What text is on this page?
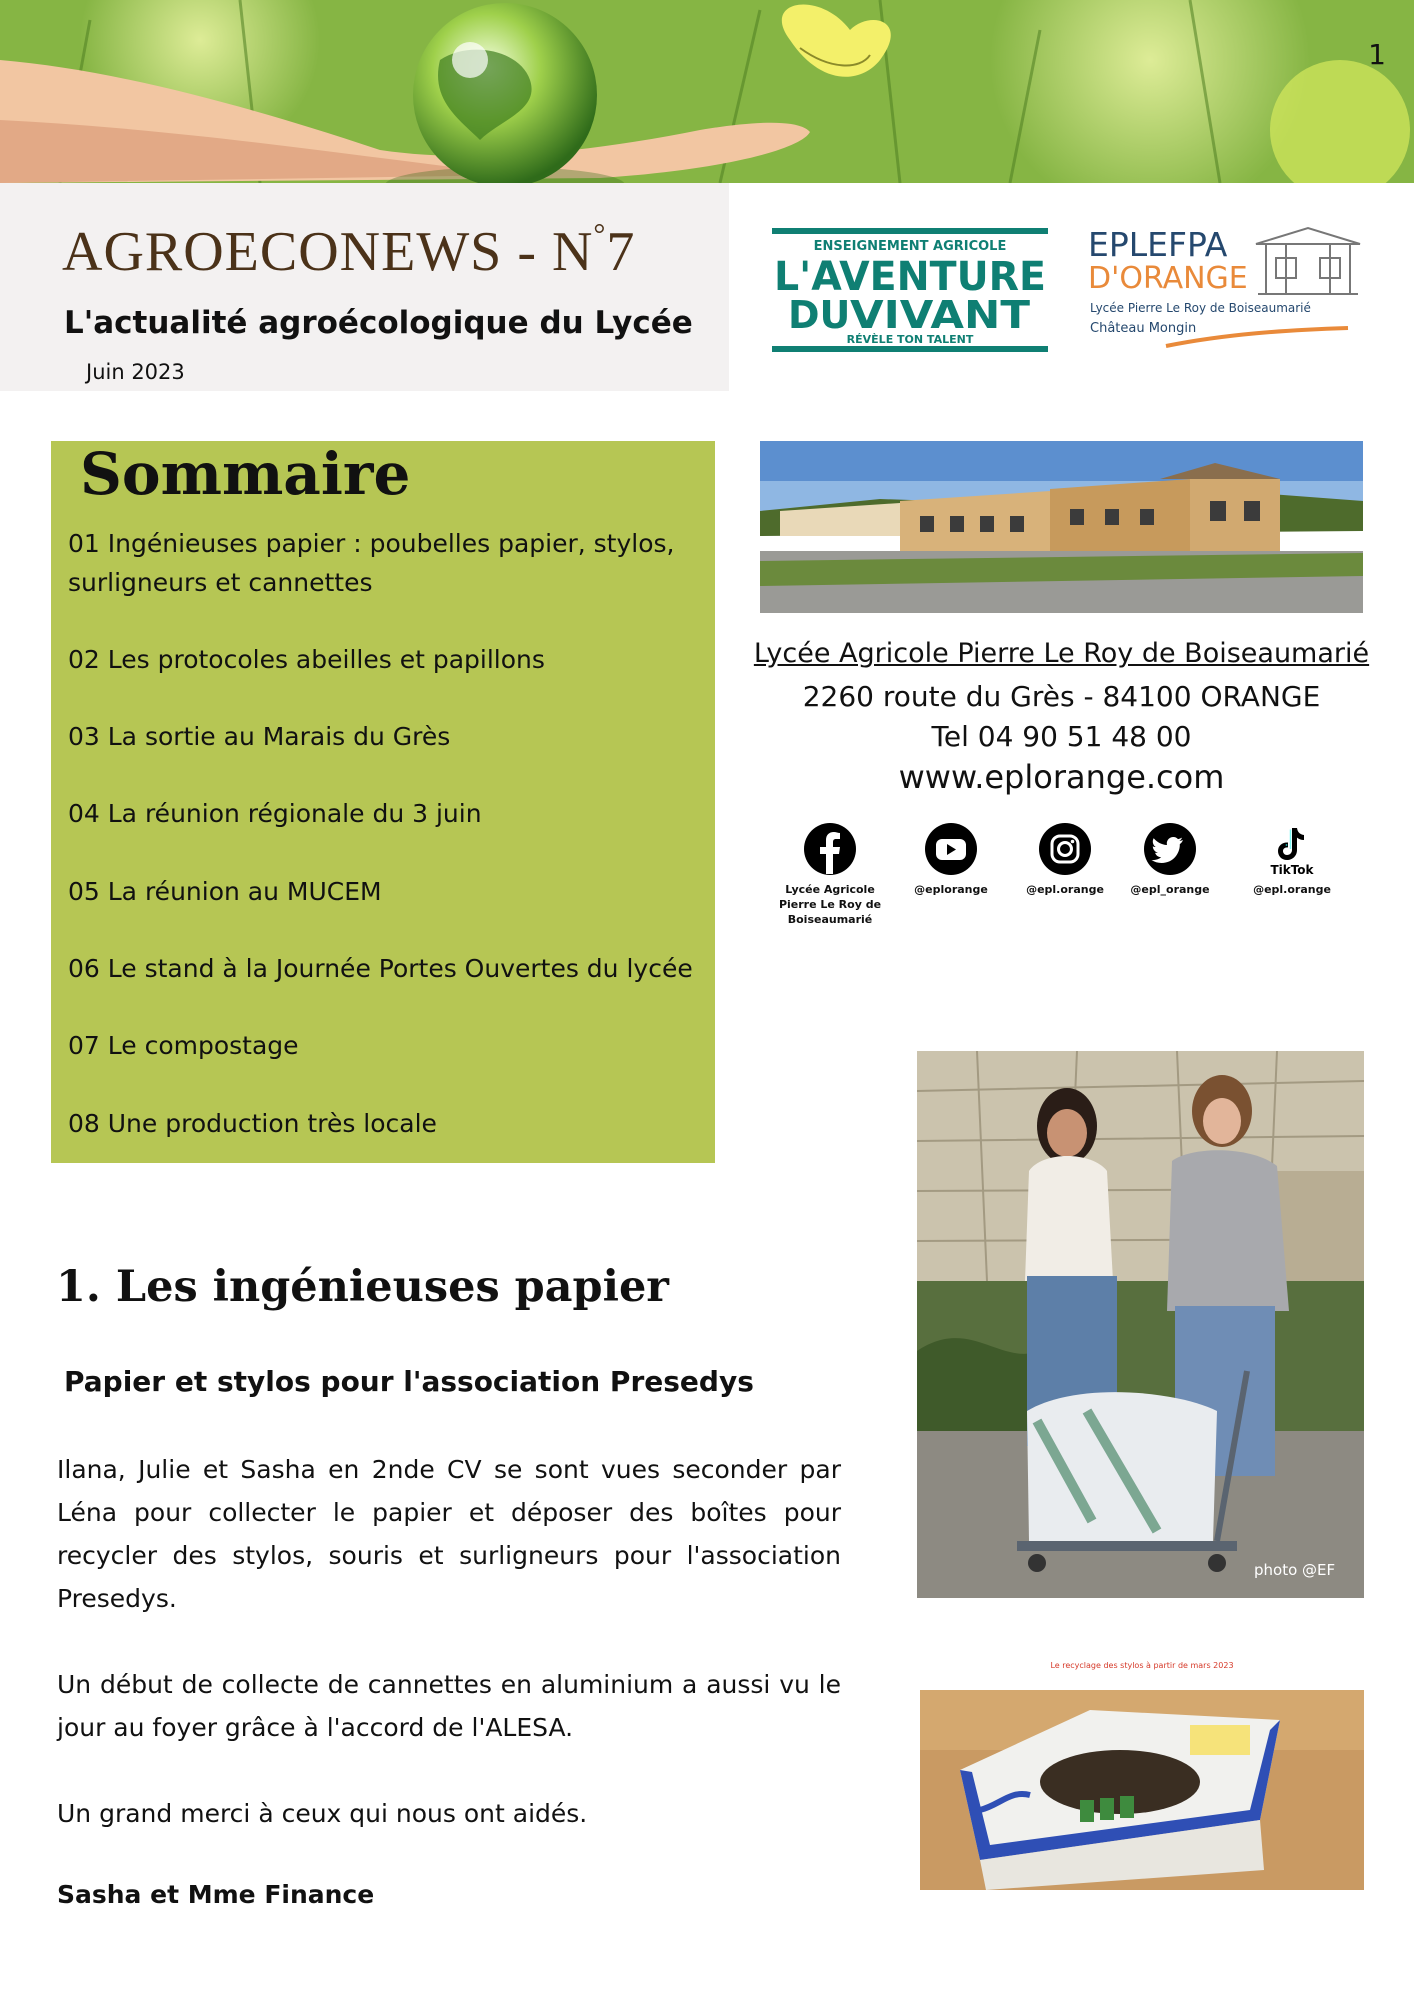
1
AGROECONEWS - N°7
L'actualité agroécologique du Lycée
Juin 2023
ENSEIGNEMENT AGRICOLE
L'AVENTURE
DU VIVANT
RÉVÈLE TON TALENT
EPLEFPA
D'ORANGE
Lycée Pierre Le Roy de Boiseaumarié
Château Mongin
Sommaire
01 Ingénieuses papier : poubelles papier, stylos, surligneurs et cannettes
02 Les protocoles abeilles et papillons
03 La sortie au Marais du Grès
04 La réunion régionale du 3 juin
05 La réunion au MUCEM
06 Le stand à la Journée Portes Ouvertes du lycée
07 Le compostage
08 Une production très locale
Lycée Agricole Pierre Le Roy de Boiseaumarié
2260 route du Grès - 84100 ORANGE
Tel 04 90 51 48 00
www.eplorange.com
Lycée Agricole Pierre Le Roy de Boiseaumarié
@eplorange	@epl.orange	@epl_orange
TikTok
@epl.orange
1. Les ingénieuses papier
Papier et stylos pour l'association Presedys
Ilana, Julie et Sasha en 2nde CV se sont vues seconder par Léna pour collecter le papier et déposer des boîtes pour recycler des stylos, souris et surligneurs pour l'association Presedys.
Un début de collecte de cannettes en aluminium a aussi vu le jour au foyer grâce à l'accord de l'ALESA.
Un grand merci à ceux qui nous ont aidés.
Sasha et Mme Finance
photo @EF
Le recyclage des stylos à partir de mars 2023
